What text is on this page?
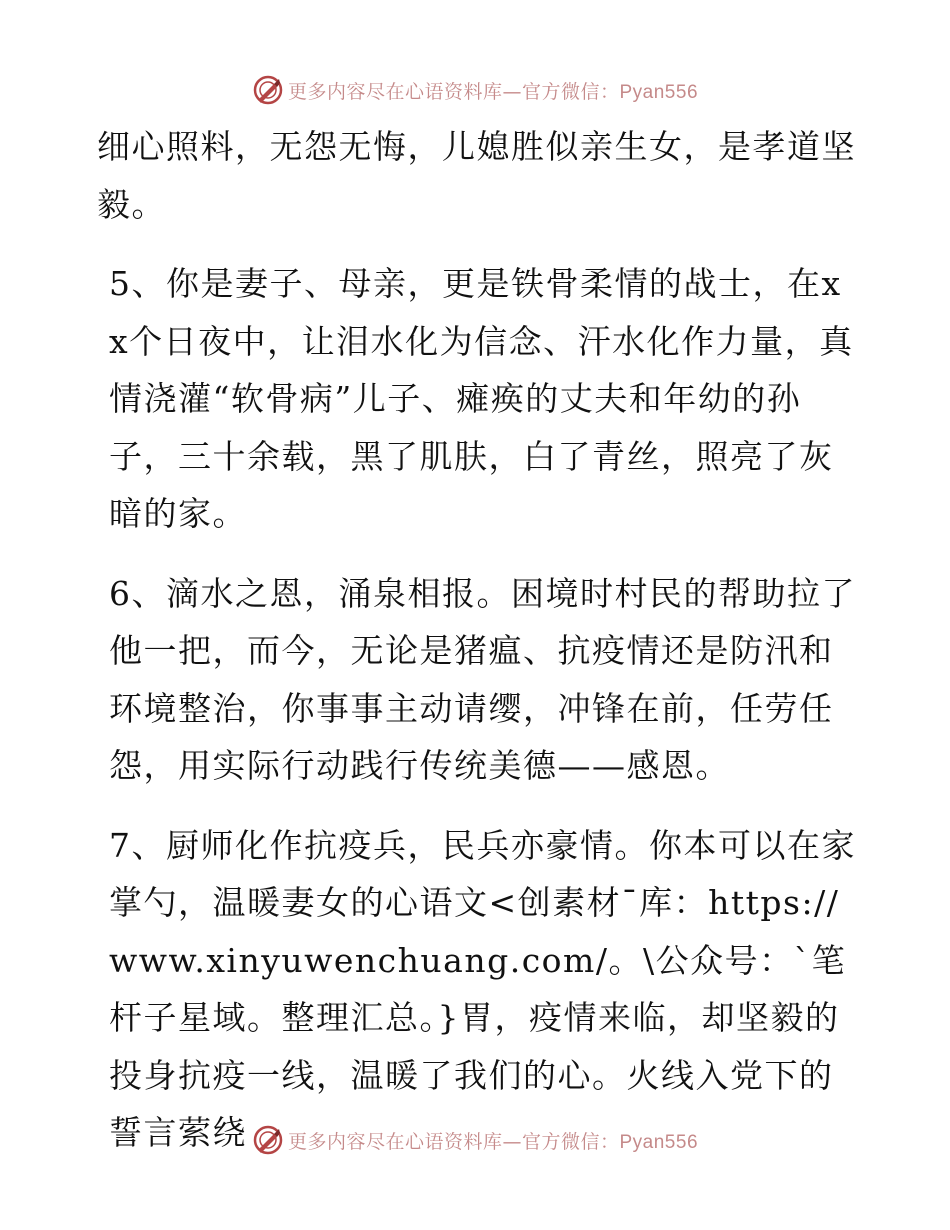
更多内容尽在心语资料库—官方微信：Pyan556

细心照料，无怨无悔，儿媳胜似亲生女，是孝道坚毅。

5、你是妻子、母亲，更是铁骨柔情的战士，在xx个日夜中，让泪水化为信念、汗水化作力量，真情浇灌“软骨病”儿子、瘫痪的丈夫和年幼的孙子，三十余载，黑了肌肤，白了青丝，照亮了灰暗的家。

6、滴水之恩，涌泉相报。困境时村民的帮助拉了他一把，而今，无论是猪瘟、抗疫情还是防汛和环境整治，你事事主动请缨，冲锋在前，任劳任怨，用实际行动践行传统美德——感恩。

7、厨师化作抗疫兵，民兵亦豪情。你本可以在家掌勺，温暖妻女的心语文<创素材¯库：https://www.xinyuwenchuang.com/。\公众号：`笔杆子星域。整理汇总。}胃，疫情来临，却坚毅的投身抗疫一线，温暖了我们的心。火线入党下的誓言萦绕	更多内容尽在心语资料库—官方微信：Pyan556
